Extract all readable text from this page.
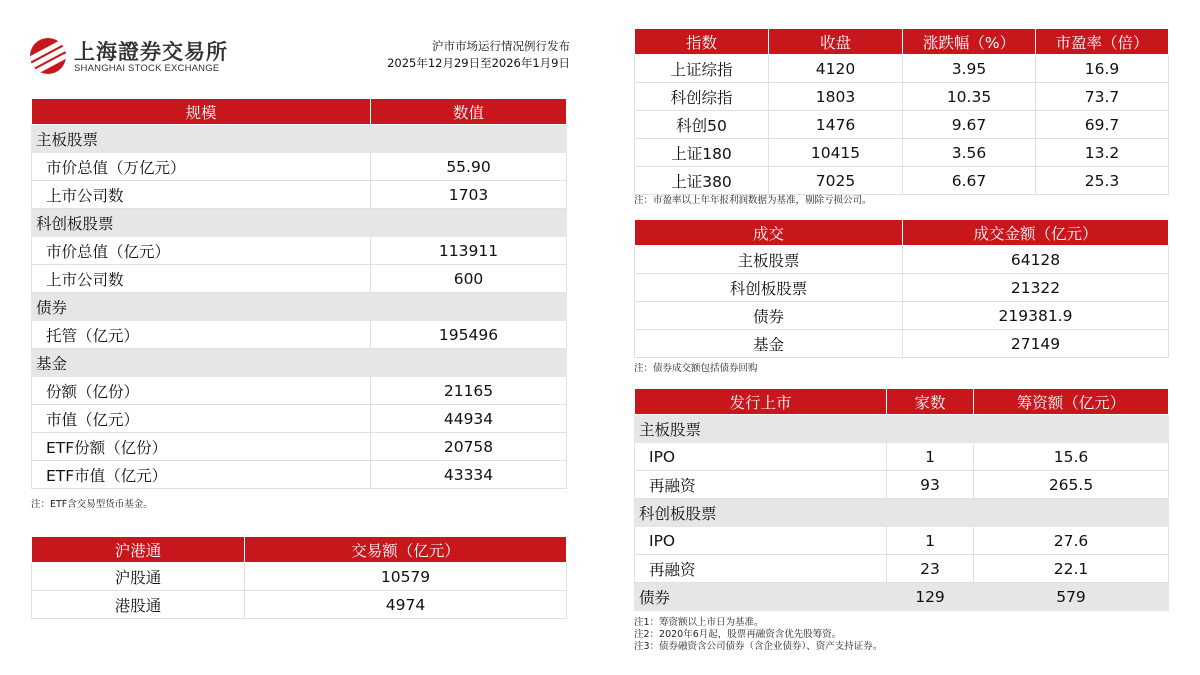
上海證券交易所
SHANGHAI STOCK EXCHANGE
沪市市场运行情况例行发布
2025年12月29日至2026年1月9日
规模	数值
主板股票	
市价总值（万亿元）	55.90
上市公司数	1703
科创板股票	
市价总值（亿元）	113911
上市公司数	600
债券	
托管（亿元）	195496
基金	
份额（亿份）	21165
市值（亿元）	44934
ETF份额（亿份）	20758
ETF市值（亿元）	43334
注：ETF含交易型货币基金。
沪港通	交易额（亿元）
沪股通	10579
港股通	4974
指数	收盘	涨跌幅（%）	市盈率（倍）
上证综指	4120	3.95	16.9
科创综指	1803	10.35	73.7
科创50	1476	9.67	69.7
上证180	10415	3.56	13.2
上证380	7025	6.67	25.3
注：市盈率以上年年报利润数据为基准，剔除亏损公司。
成交	成交金额（亿元）
主板股票	64128
科创板股票	21322
债券	219381.9
基金	27149
注：债券成交额包括债券回购
发行上市	家数	筹资额（亿元）
主板股票		
IPO	1	15.6
再融资	93	265.5
科创板股票		
IPO	1	27.6
再融资	23	22.1
债券	129	579
注1：筹资额以上市日为基准。
注2：2020年6月起，股票再融资含优先股筹资。
注3：债券融资含公司债券（含企业债券）、资产支持证券。
